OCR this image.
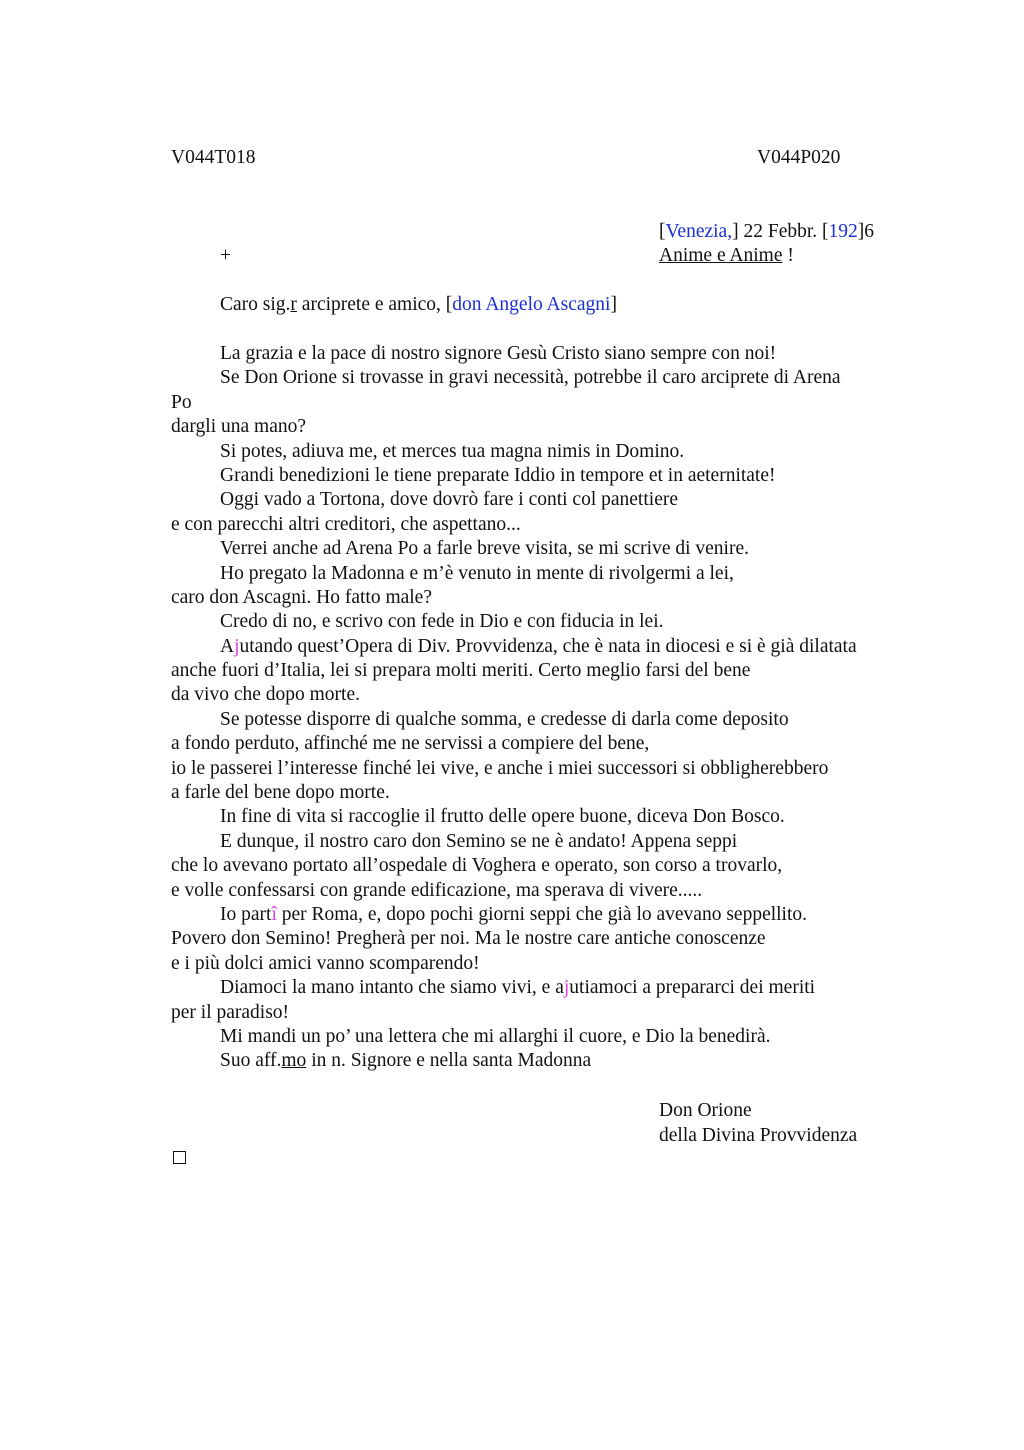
V044T018	V044P020
[Venezia,] 22 Febbr. [192]6
+	Anime e Anime !
Caro sig.r arciprete e amico, [don Angelo Ascagni]
La grazia e la pace di nostro signore Gesù Cristo siano sempre con noi!
Se Don Orione si trovasse in gravi necessità, potrebbe il caro arciprete di Arena
Po
dargli una mano?
Si potes, adiuva me, et merces tua magna nimis in Domino.
Grandi benedizioni le tiene preparate Iddio in tempore et in aeternitate!
Oggi vado a Tortona, dove dovrò fare i conti col panettiere
e con parecchi altri creditori, che aspettano...
Verrei anche ad Arena Po a farle breve visita, se mi scrive di venire.
Ho pregato la Madonna e m’è venuto in mente di rivolgermi a lei,
caro don Ascagni. Ho fatto male?
Credo di no, e scrivo con fede in Dio e con fiducia in lei.
Ajutando quest’Opera di Div. Provvidenza, che è nata in diocesi e si è già dilatata
anche fuori d’Italia, lei si prepara molti meriti. Certo meglio farsi del bene
da vivo che dopo morte.
Se potesse disporre di qualche somma, e credesse di darla come deposito
a fondo perduto, affinché me ne servissi a compiere del bene,
io le passerei l’interesse finché lei vive, e anche i miei successori si obbligherebbero
a farle del bene dopo morte.
In fine di vita si raccoglie il frutto delle opere buone, diceva Don Bosco.
E dunque, il nostro caro don Semino se ne è andato! Appena seppi
che lo avevano portato all’ospedale di Voghera e operato, son corso a trovarlo,
e volle confessarsi con grande edificazione, ma sperava di vivere.....
Io partî per Roma, e, dopo pochi giorni seppi che già lo avevano seppellito.
Povero don Semino! Pregherà per noi. Ma le nostre care antiche conoscenze
e i più dolci amici vanno scomparendo!
Diamoci la mano intanto che siamo vivi, e ajutiamoci a prepararci dei meriti
per il paradiso!
Mi mandi un po’ una lettera che mi allarghi il cuore, e Dio la benedirà.
Suo aff.mo in n. Signore e nella santa Madonna
Don Orione
della Divina Provvidenza
